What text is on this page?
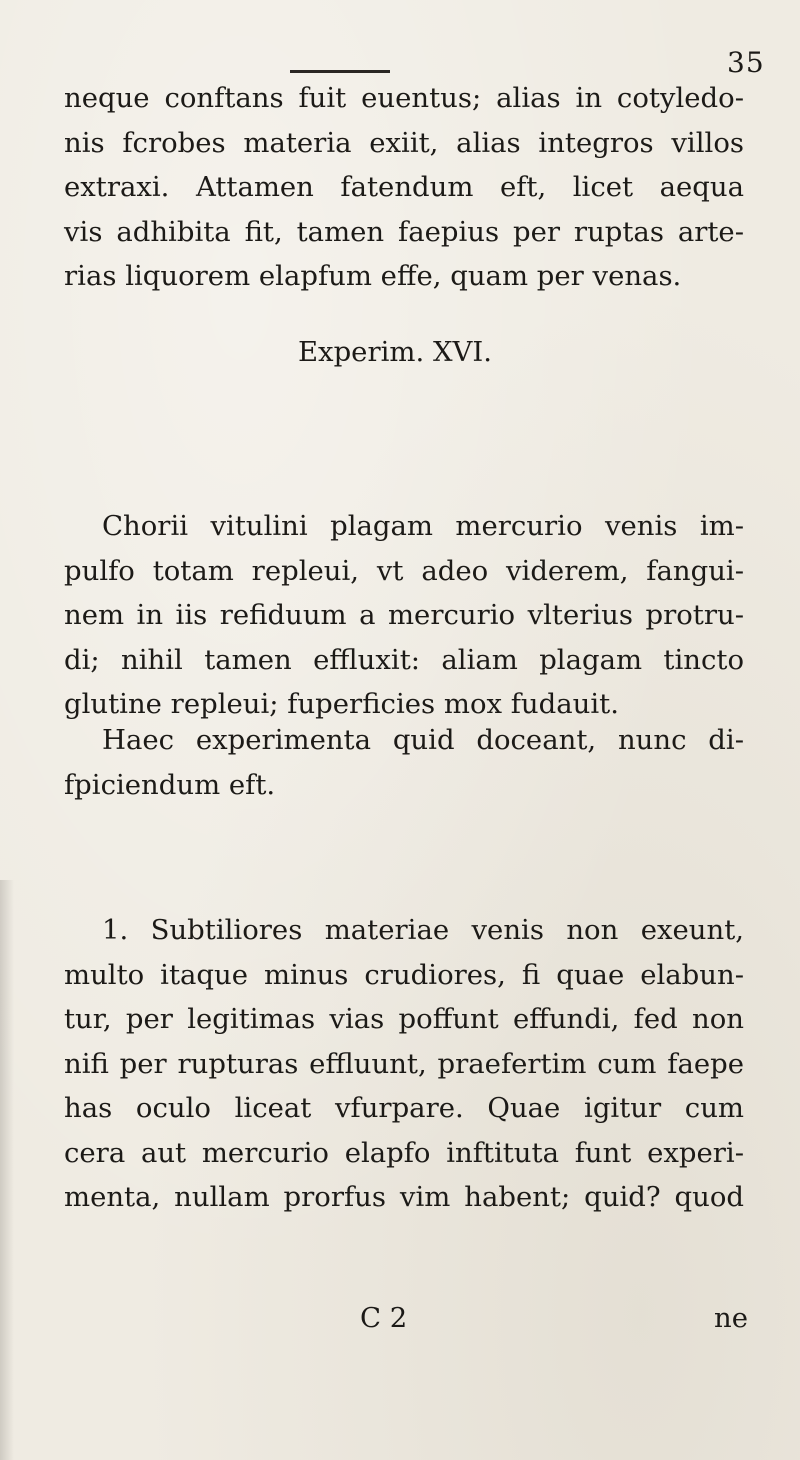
35
neque conftans fuit euentus; alias in cotyledo-
nis fcrobes materia exiit, alias integros villos
extraxi. Attamen fatendum eft, licet aequa
vis adhibita fit, tamen faepius per ruptas arte-
rias liquorem elapfum effe, quam per venas.
Experim. XVI.
Chorii vitulini plagam mercurio venis im-
pulfo totam repleui, vt adeo viderem, fangui-
nem in iis refiduum a mercurio vlterius protru-
di; nihil tamen effluxit: aliam plagam tincto
glutine repleui; fuperficies mox fudauit.
Haec experimenta quid doceant, nunc di-
fpiciendum eft.
1. Subtiliores materiae venis non exeunt,
multo itaque minus crudiores, fi quae elabun-
tur, per legitimas vias poffunt effundi, fed non
nifi per rupturas effluunt, praefertim cum faepe
has oculo liceat vfurpare. Quae igitur cum
cera aut mercurio elapfo inftituta funt experi-
menta, nullam prorfus vim habent; quid? quod
C 2	ne
